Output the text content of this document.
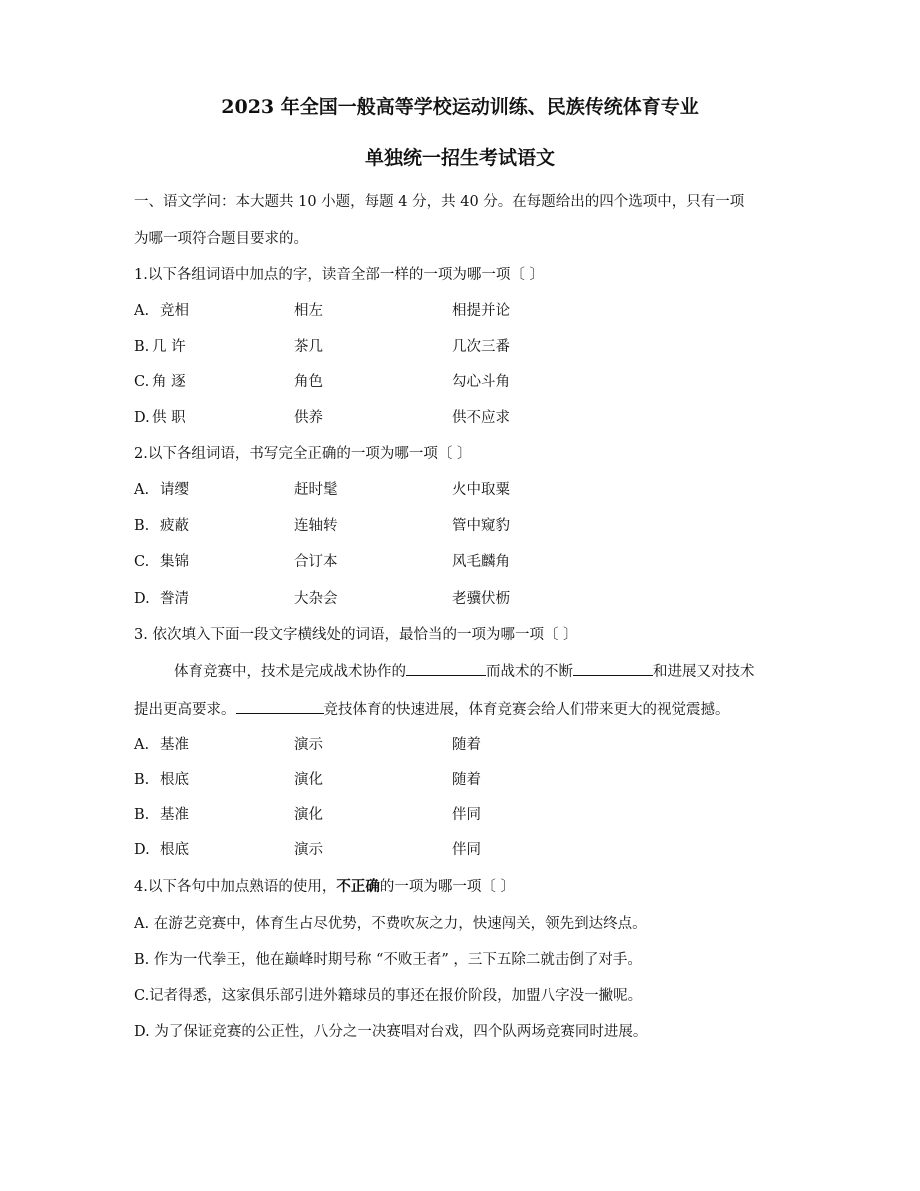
2023 年全国一般高等学校运动训练、民族传统体育专业
单独统一招生考试语文
一、语文学问：本大题共 10 小题，每题 4 分，共 40 分。在每题给出的四个选项中，只有一项
为哪一项符合题目要求的。
1.以下各组词语中加点的字，读音全部一样的一项为哪一项〔 〕
A. 竞相	相左	相提并论
B. 几 许	茶几	几次三番
C. 角 逐	角色	勾心斗角
D. 供 职	供养	供不应求
2.以下各组词语，书写完全正确的一项为哪一项〔 〕
A. 请缨	赶时髦	火中取粟
B. 疲蔽	连轴转	管中窥豹
C. 集锦	合订本	风毛麟角
D. 誊清	大杂会	老骥伏枥
3. 依次填入下面一段文字横线处的词语，最恰当的一项为哪一项〔 〕
体育竞赛中，技术是完成战术协作的	而战术的不断	和进展又对技术
提出更高要求。	竞技体育的快速进展，体育竞赛会给人们带来更大的视觉震撼。
A. 基准	演示	随着
B. 根底	演化	随着
B. 基准	演化	伴同
D. 根底	演示	伴同
4.以下各句中加点熟语的使用，不正确的一项为哪一项〔 〕
A. 在游艺竞赛中，体育生占尽优势，不费吹灰之力，快速闯关，领先到达终点。
B. 作为一代拳王，他在巅峰时期号称 “不败王者” ，三下五除二就击倒了对手。
C.记者得悉，这家俱乐部引进外籍球员的事还在报价阶段，加盟八字没一撇呢。
D. 为了保证竞赛的公正性，八分之一决赛唱对台戏，四个队两场竞赛同时进展。
